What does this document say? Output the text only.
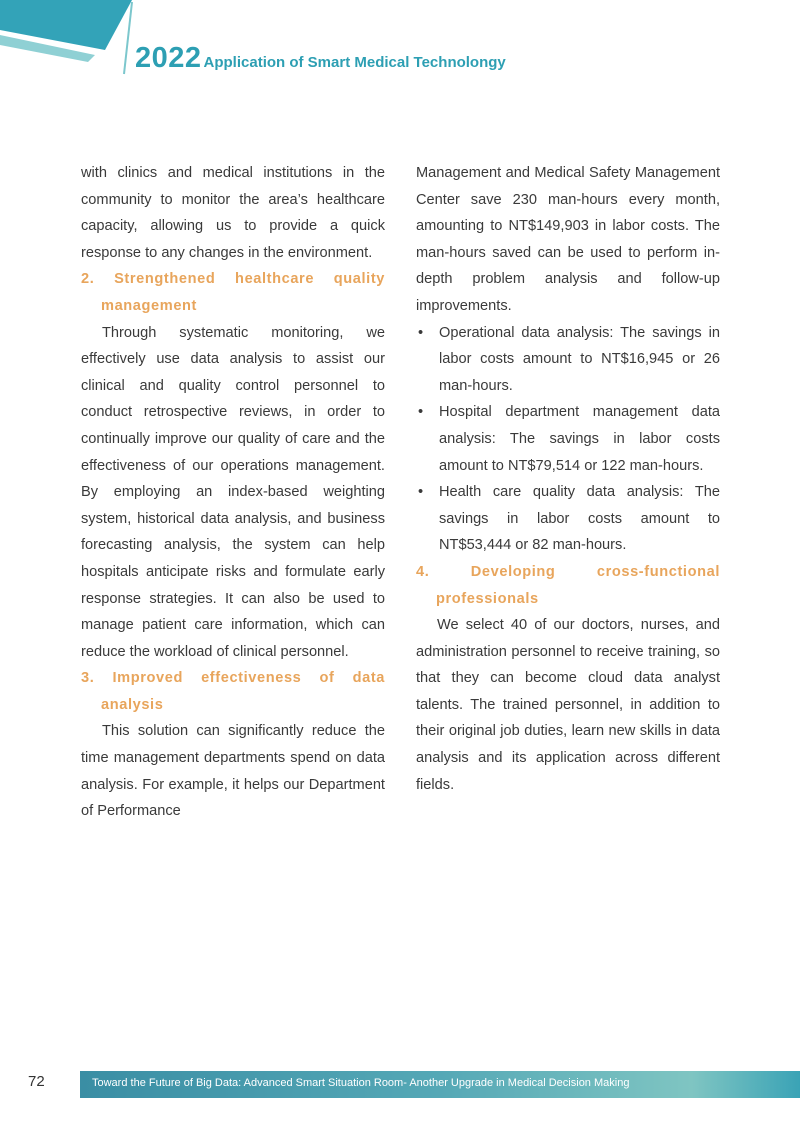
2022 Application of Smart Medical Technolongy

with clinics and medical institutions in the community to monitor the area’s healthcare capacity, allowing us to provide a quick response to any changes in the environment.

2. Strengthened healthcare quality management

Through systematic monitoring, we effectively use data analysis to assist our clinical and quality control personnel to conduct retrospective reviews, in order to continually improve our quality of care and the effectiveness of our operations management. By employing an index-based weighting system, historical data analysis, and business forecasting analysis, the system can help hospitals anticipate risks and formulate early response strategies. It can also be used to manage patient care information, which can reduce the workload of clinical personnel.

3. Improved effectiveness of data analysis

This solution can significantly reduce the time management departments spend on data analysis. For example, it helps our Department of Performance

Management and Medical Safety Management Center save 230 man-hours every month, amounting to NT$149,903 in labor costs. The man-hours saved can be used to perform in-depth problem analysis and follow-up improvements.

• Operational data analysis: The savings in labor costs amount to NT$16,945 or 26 man-hours.
• Hospital department management data analysis: The savings in labor costs amount to NT$79,514 or 122 man-hours.
• Health care quality data analysis: The savings in labor costs amount to NT$53,444 or 82 man-hours.

4. Developing cross-functional professionals

We select 40 of our doctors, nurses, and administration personnel to receive training, so that they can become cloud data analyst talents. The trained personnel, in addition to their original job duties, learn new skills in data analysis and its application across different fields.

72	Toward the Future of Big Data: Advanced Smart Situation Room- Another Upgrade in Medical Decision Making
